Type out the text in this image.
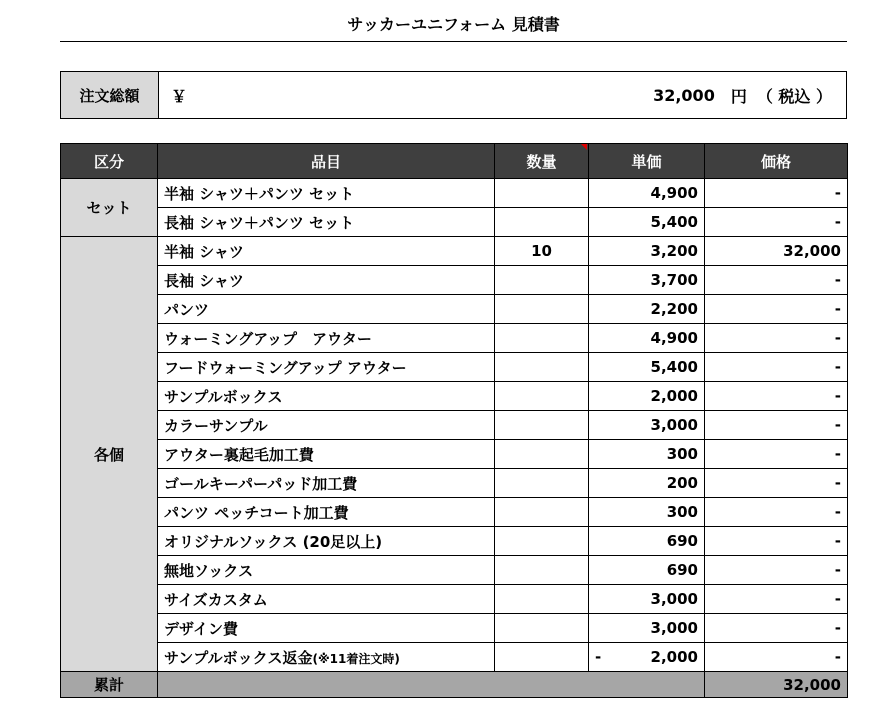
サッカーユニフォーム 見積書
注文総額	￥	32,000 円 （ 税込 ）
区分	品目	数量	単価	価格
セット	半袖 シャツ＋パンツ セット		4,900	-
	長袖 シャツ＋パンツ セット		5,400	-
各個	半袖 シャツ	10	3,200	32,000
	長袖 シャツ		3,700	-
	パンツ		2,200	-
	ウォーミングアップ　アウター		4,900	-
	フードウォーミングアップ アウター		5,400	-
	サンプルボックス		2,000	-
	カラーサンプル		3,000	-
	アウター裏起毛加工費		300	-
	ゴールキーパーパッド加工費		200	-
	パンツ ペッチコート加工費		300	-
	オリジナルソックス (20足以上)		690	-
	無地ソックス		690	-
	サイズカスタム		3,000	-
	デザイン費		3,000	-
	サンプルボックス返金(※11着注文時)		- 2,000	-
累計				32,000
